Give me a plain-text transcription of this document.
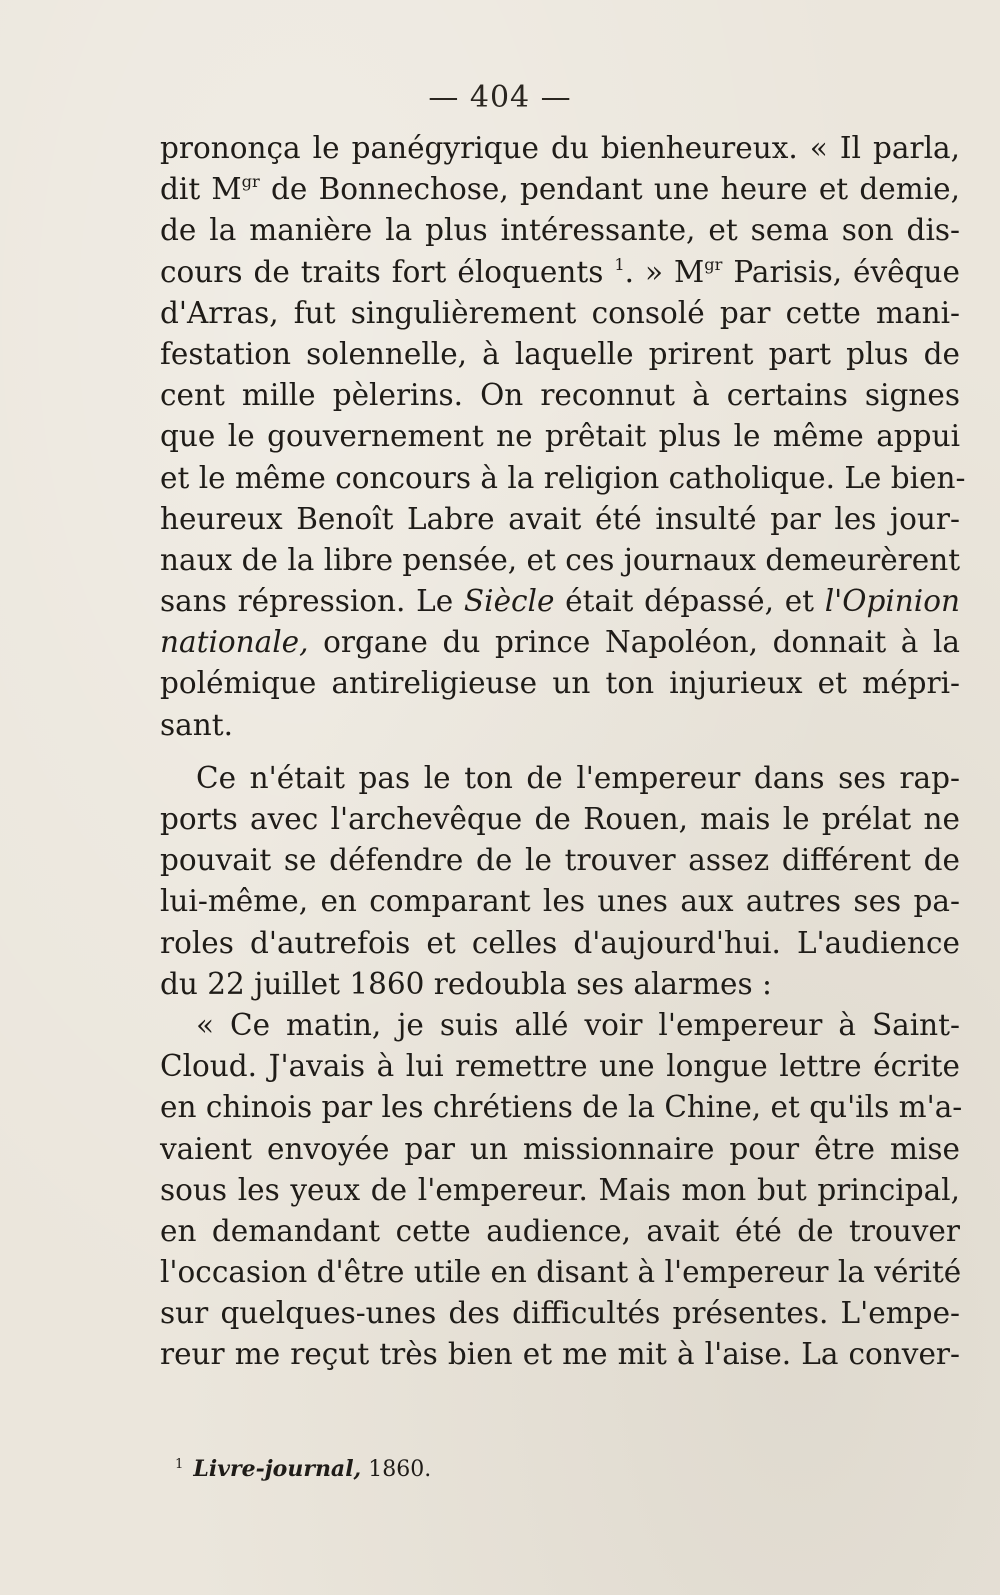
— 404 —
prononça le panégyrique du bienheureux. « Il parla,
dit $M^{gr}$ de Bonnechose, pendant une heure et demie,
de la manière la plus intéressante, et sema son dis-
cours de traits fort éloquents $^1$. » $M^{gr}$ Parisis, évêque
d'Arras, fut singulièrement consolé par cette mani-
festation solennelle, à laquelle prirent part plus de
cent mille pèlerins. On reconnut à certains signes
que le gouvernement ne prêtait plus le même appui
et le même concours à la religion catholique. Le bien-
heureux Benoît Labre avait été insulté par les jour-
naux de la libre pensée, et ces journaux demeurèrent
sans répression. Le Siècle était dépassé, et l'Opinion
nationale, organe du prince Napoléon, donnait à la
polémique antireligieuse un ton injurieux et mépri-
sant.
Ce n'était pas le ton de l'empereur dans ses rap-
ports avec l'archevêque de Rouen, mais le prélat ne
pouvait se défendre de le trouver assez différent de
lui-même, en comparant les unes aux autres ses pa-
roles d'autrefois et celles d'aujourd'hui. L'audience
du 22 juillet 1860 redoubla ses alarmes :
« Ce matin, je suis allé voir l'empereur à Saint-
Cloud. J'avais à lui remettre une longue lettre écrite
en chinois par les chrétiens de la Chine, et qu'ils m'a-
vaient envoyée par un missionnaire pour être mise
sous les yeux de l'empereur. Mais mon but principal,
en demandant cette audience, avait été de trouver
l'occasion d'être utile en disant à l'empereur la vérité
sur quelques-unes des difficultés présentes. L'empe-
reur me reçut très bien et me mit à l'aise. La conver-
$^1$ Livre-journal, 1860.
